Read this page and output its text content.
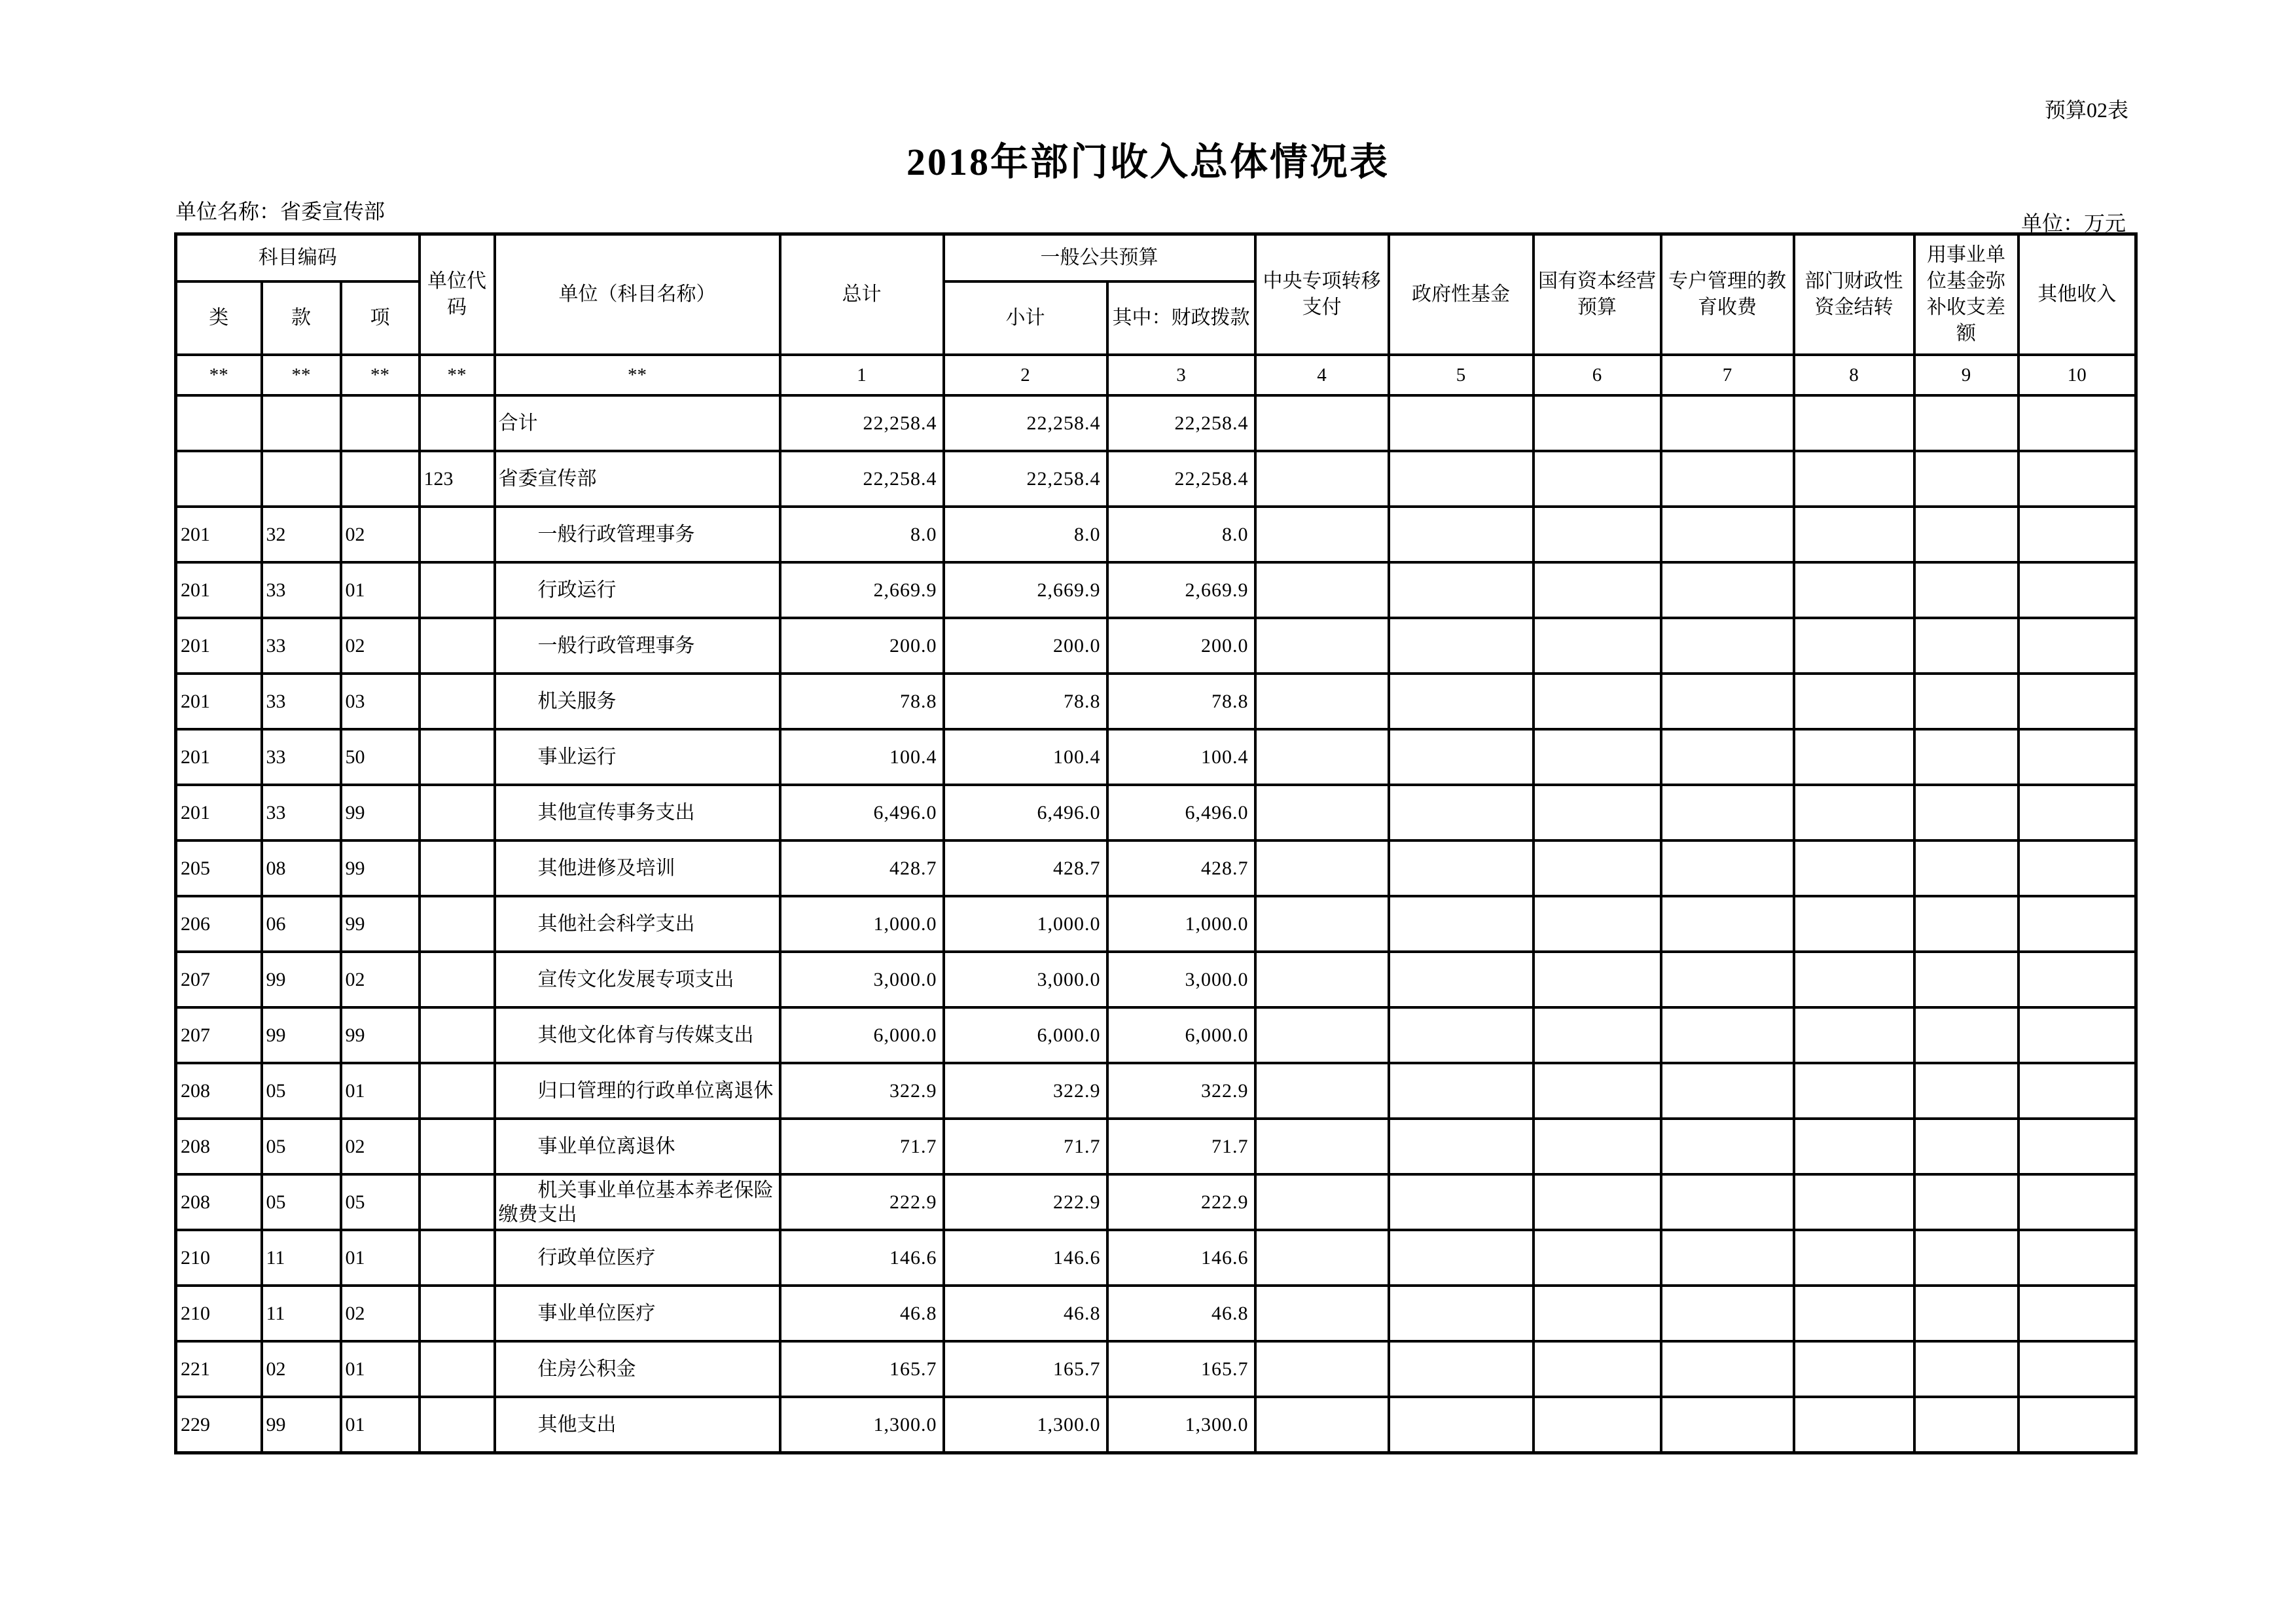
预算02表
2018年部门收入总体情况表
单位名称：省委宣传部	单位：万元
科目编码			单位代码	单位（科目名称）	总计	一般公共预算		中央专项转移支付	政府性基金	国有资本经营预算	专户管理的教育收费	部门财政性资金结转	用事业单位基金弥补收支差额	其他收入
类	款	项				小计	其中：财政拨款							
**	**	**	**	**	1	2	3	4	5	6	7	8	9	10
				合计	22,258.4	22,258.4	22,258.4							
			123	省委宣传部	22,258.4	22,258.4	22,258.4							
201	32	02		　　一般行政管理事务	8.0	8.0	8.0							
201	33	01		　　行政运行	2,669.9	2,669.9	2,669.9							
201	33	02		　　一般行政管理事务	200.0	200.0	200.0							
201	33	03		　　机关服务	78.8	78.8	78.8							
201	33	50		　　事业运行	100.4	100.4	100.4							
201	33	99		　　其他宣传事务支出	6,496.0	6,496.0	6,496.0							
205	08	99		　　其他进修及培训	428.7	428.7	428.7							
206	06	99		　　其他社会科学支出	1,000.0	1,000.0	1,000.0							
207	99	02		　　宣传文化发展专项支出	3,000.0	3,000.0	3,000.0							
207	99	99		　　其他文化体育与传媒支出	6,000.0	6,000.0	6,000.0							
208	05	01		　　归口管理的行政单位离退休	322.9	322.9	322.9							
208	05	02		　　事业单位离退休	71.7	71.7	71.7							
208	05	05		　　机关事业单位基本养老保险缴费支出	222.9	222.9	222.9							
210	11	01		　　行政单位医疗	146.6	146.6	146.6							
210	11	02		　　事业单位医疗	46.8	46.8	46.8							
221	02	01		　　住房公积金	165.7	165.7	165.7							
229	99	01		　　其他支出	1,300.0	1,300.0	1,300.0							
